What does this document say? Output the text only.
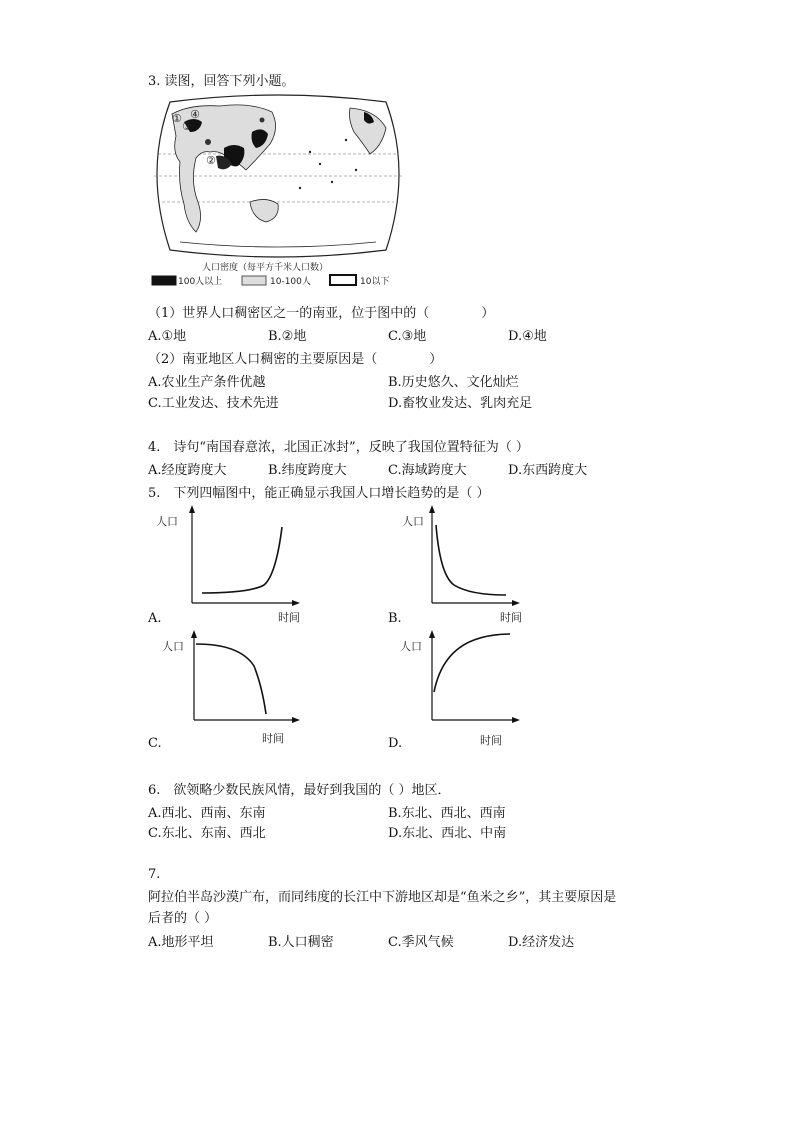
3. 读图，回答下列小题。
①
③
②
④
人口密度（每平方千米人口数）
100人以上	10-100人	10以下
（1）世界人口稠密区之一的南亚，位于图中的（　　　　）
A.①地	B.②地	C.③地	D.④地
（2）南亚地区人口稠密的主要原因是（　　　　）
A.农业生产条件优越	B.历史悠久、文化灿烂
C.工业发达、技术先进	D.畜牧业发达、乳肉充足
4.　诗句“南国春意浓，北国正冰封”，反映了我国位置特征为（ ）
A.经度跨度大	B.纬度跨度大	C.海域跨度大	D.东西跨度大
5.　下列四幅图中，能正确显示我国人口增长趋势的是（ ）
人口
时间
A.
人口
时间
B.
人口
时间
C.
人口
时间
D.
6.　欲领略少数民族风情，最好到我国的（ ）地区．
A.西北、西南、东南	B.东北、西北、西南
C.东北、东南、西北	D.东北、西北、中南
7.
阿拉伯半岛沙漠广布，而同纬度的长江中下游地区却是“鱼米之乡”，其主要原因是
后者的（ ）
A.地形平坦	B.人口稠密	C.季风气候	D.经济发达
